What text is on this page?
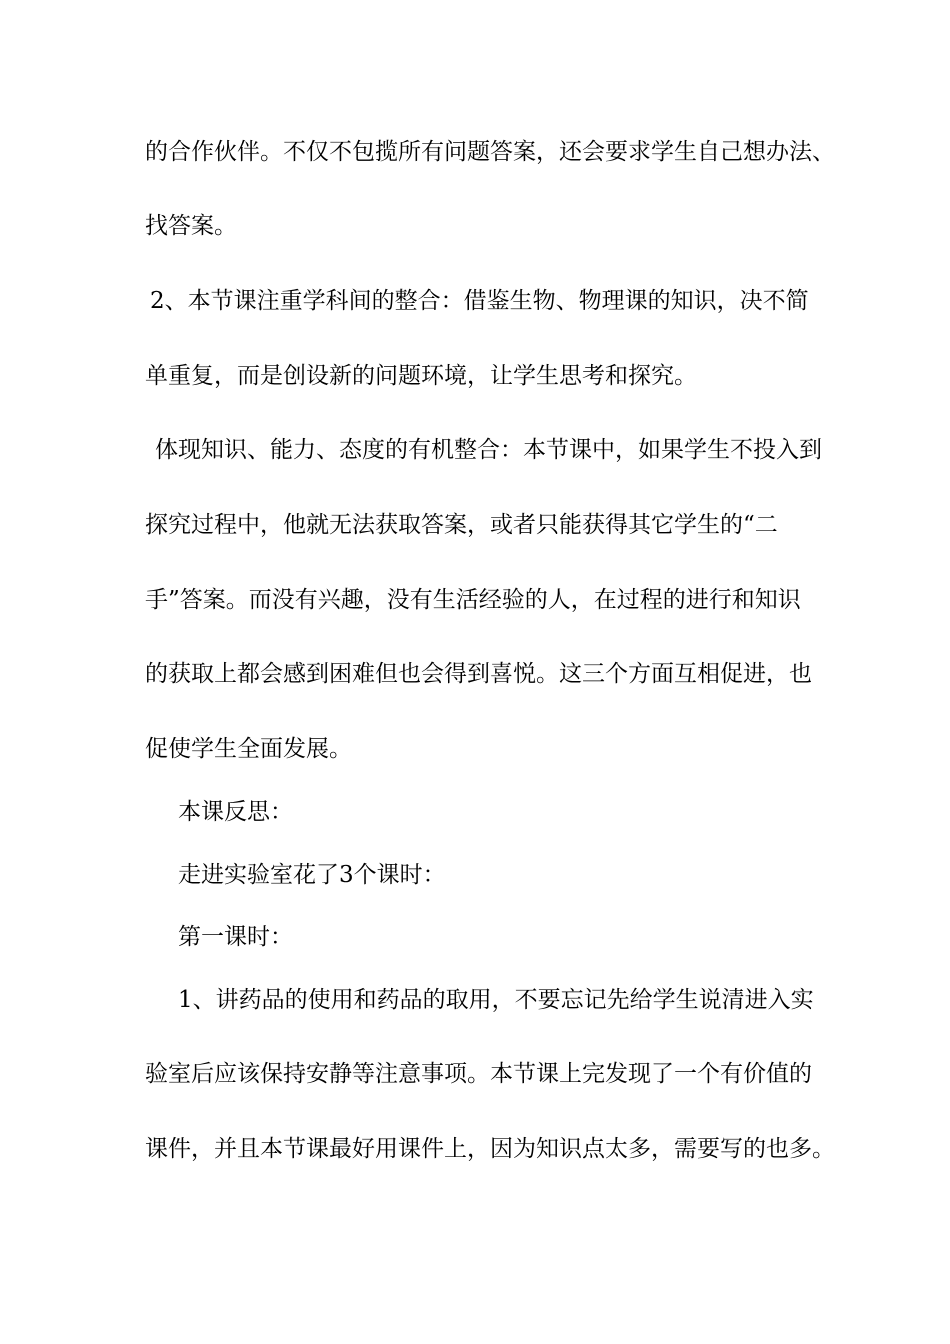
的合作伙伴。不仅不包揽所有问题答案，还会要求学生自己想办法、
找答案。
2、本节课注重学科间的整合：借鉴生物、物理课的知识，决不简
单重复，而是创设新的问题环境，让学生思考和探究。
体现知识、能力、态度的有机整合：本节课中，如果学生不投入到
探究过程中，他就无法获取答案，或者只能获得其它学生的“二
手”答案。而没有兴趣，没有生活经验的人，在过程的进行和知识
的获取上都会感到困难但也会得到喜悦。这三个方面互相促进，也
促使学生全面发展。
本课反思：
走进实验室花了3个课时：
第一课时：
1、讲药品的使用和药品的取用，不要忘记先给学生说清进入实
验室后应该保持安静等注意事项。本节课上完发现了一个有价值的
课件，并且本节课最好用课件上，因为知识点太多，需要写的也多。
